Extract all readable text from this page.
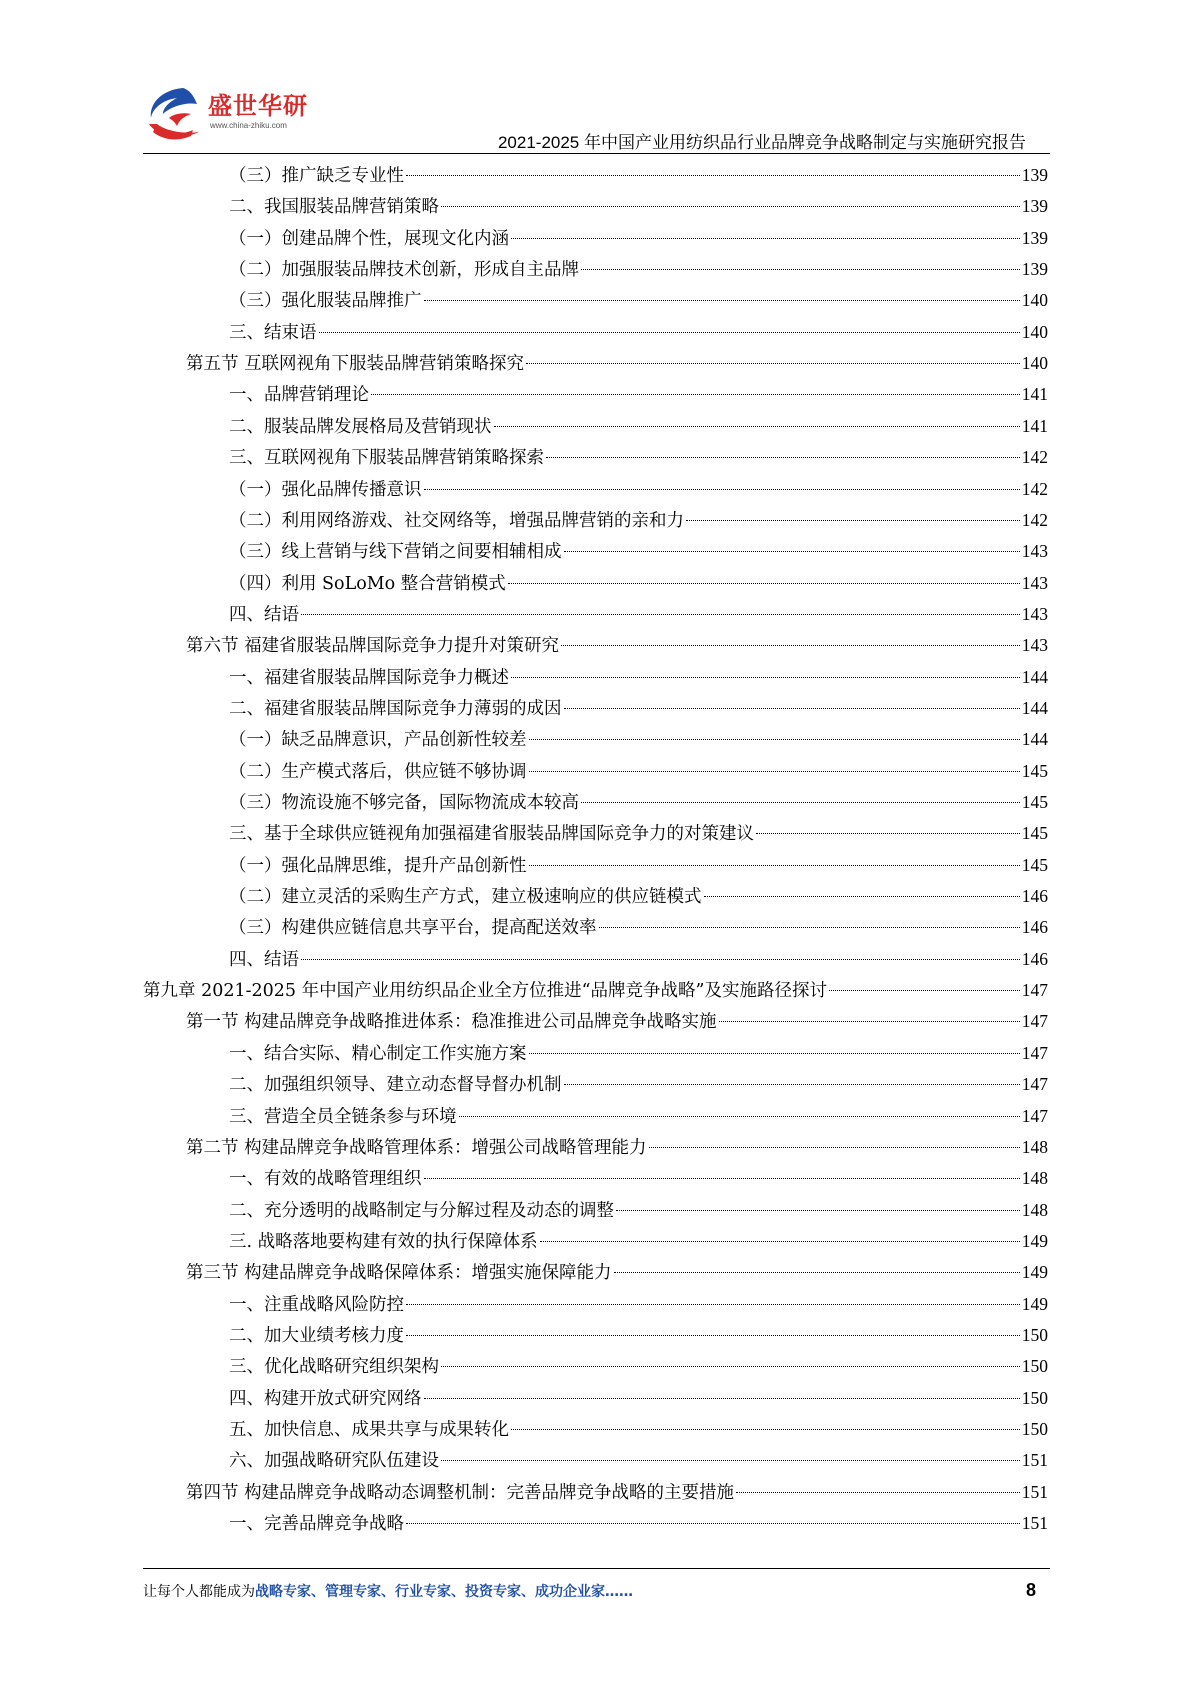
盛世华研
www.china-zhiku.com
2021-2025 年中国产业用纺织品行业品牌竞争战略制定与实施研究报告
（三）推广缺乏专业性	139
二、我国服装品牌营销策略	139
（一）创建品牌个性，展现文化内涵	139
（二）加强服装品牌技术创新，形成自主品牌	139
（三）强化服装品牌推广	140
三、结束语	140
第五节 互联网视角下服装品牌营销策略探究	140
一、品牌营销理论	141
二、服装品牌发展格局及营销现状	141
三、互联网视角下服装品牌营销策略探索	142
（一）强化品牌传播意识	142
（二）利用网络游戏、社交网络等，增强品牌营销的亲和力	142
（三）线上营销与线下营销之间要相辅相成	143
（四）利用 SoLoMo 整合营销模式	143
四、结语	143
第六节 福建省服装品牌国际竞争力提升对策研究	143
一、福建省服装品牌国际竞争力概述	144
二、福建省服装品牌国际竞争力薄弱的成因	144
（一）缺乏品牌意识，产品创新性较差	144
（二）生产模式落后，供应链不够协调	145
（三）物流设施不够完备，国际物流成本较高	145
三、基于全球供应链视角加强福建省服装品牌国际竞争力的对策建议	145
（一）强化品牌思维，提升产品创新性	145
（二）建立灵活的采购生产方式，建立极速响应的供应链模式	146
（三）构建供应链信息共享平台，提高配送效率	146
四、结语	146
第九章 2021-2025 年中国产业用纺织品企业全方位推进“品牌竞争战略”及实施路径探讨	147
第一节 构建品牌竞争战略推进体系：稳准推进公司品牌竞争战略实施	147
一、结合实际、精心制定工作实施方案	147
二、加强组织领导、建立动态督导督办机制	147
三、营造全员全链条参与环境	147
第二节 构建品牌竞争战略管理体系：增强公司战略管理能力	148
一、有效的战略管理组织	148
二、充分透明的战略制定与分解过程及动态的调整	148
三. 战略落地要构建有效的执行保障体系	149
第三节 构建品牌竞争战略保障体系：增强实施保障能力	149
一、注重战略风险防控	149
二、加大业绩考核力度	150
三、优化战略研究组织架构	150
四、构建开放式研究网络	150
五、加快信息、成果共享与成果转化	150
六、加强战略研究队伍建设	151
第四节 构建品牌竞争战略动态调整机制：完善品牌竞争战略的主要措施	151
一、完善品牌竞争战略	151
让每个人都能成为战略专家、管理专家、行业专家、投资专家、成功企业家……	8
